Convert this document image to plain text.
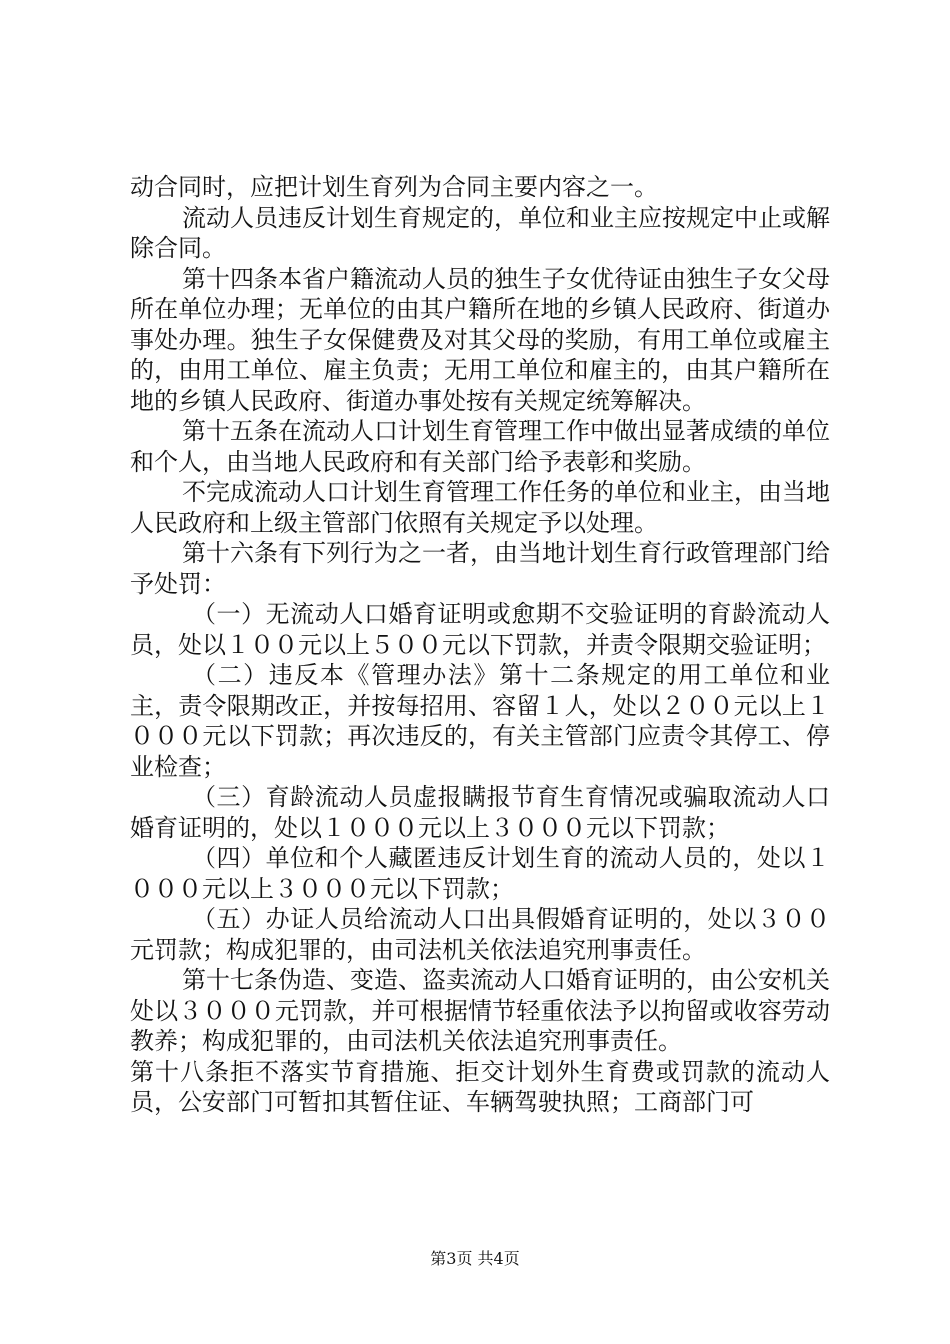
动合同时，应把计划生育列为合同主要内容之一。

流动人员违反计划生育规定的，单位和业主应按规定中止或解除合同。

第十四条本省户籍流动人员的独生子女优待证由独生子女父母所在单位办理；无单位的由其户籍所在地的乡镇人民政府、街道办事处办理。独生子女保健费及对其父母的奖励，有用工单位或雇主的，由用工单位、雇主负责；无用工单位和雇主的，由其户籍所在地的乡镇人民政府、街道办事处按有关规定统筹解决。

第十五条在流动人口计划生育管理工作中做出显著成绩的单位和个人，由当地人民政府和有关部门给予表彰和奖励。

不完成流动人口计划生育管理工作任务的单位和业主，由当地人民政府和上级主管部门依照有关规定予以处理。

第十六条有下列行为之一者，由当地计划生育行政管理部门给予处罚：

（一）无流动人口婚育证明或愈期不交验证明的育龄流动人员，处以１００元以上５００元以下罚款，并责令限期交验证明；

（二）违反本《管理办法》第十二条规定的用工单位和业主，责令限期改正，并按每招用、容留１人，处以２００元以上１０００元以下罚款；再次违反的，有关主管部门应责令其停工、停业检查；

（三）育龄流动人员虚报瞒报节育生育情况或骗取流动人口婚育证明的，处以１０００元以上３０００元以下罚款；

（四）单位和个人藏匿违反计划生育的流动人员的，处以１０００元以上３０００元以下罚款；

（五）办证人员给流动人口出具假婚育证明的，处以３００元罚款；构成犯罪的，由司法机关依法追究刑事责任。

第十七条伪造、变造、盗卖流动人口婚育证明的，由公安机关处以３０００元罚款，并可根据情节轻重依法予以拘留或收容劳动教养；构成犯罪的，由司法机关依法追究刑事责任。

第十八条拒不落实节育措施、拒交计划外生育费或罚款的流动人员，公安部门可暂扣其暂住证、车辆驾驶执照；工商部门可

第3页 共4页
